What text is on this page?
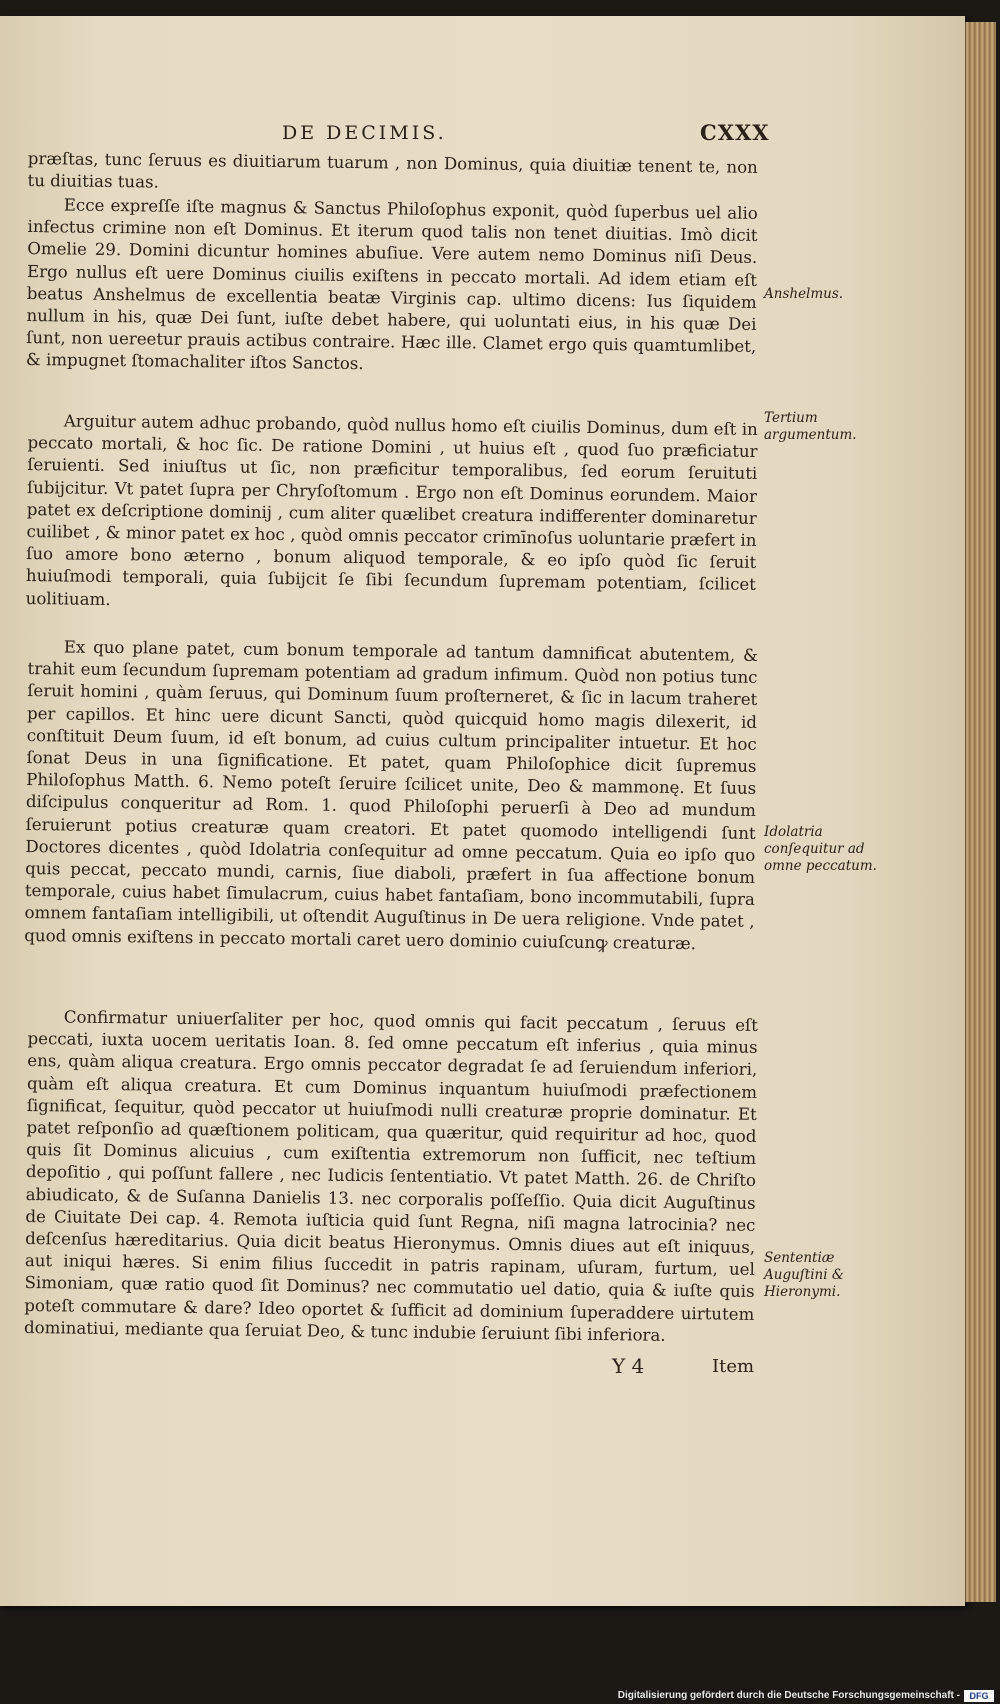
DE DECIMIS.	CXXX

præſtas, tunc ſeruus es diuitiarum tuarum , non Dominus, quia diuitiæ tenent te, non tu diuitias tuas.

Ecce expreſſe iſte magnus & Sanctus Philoſophus exponit, quòd ſuperbus uel alio infectus crimine non eſt Dominus. Et iterum quod talis non tenet diuitias. Imò dicit Omelie 29. Domini dicuntur homines abuſiue. Vere autem nemo Dominus niſi Deus. Ergo nullus eſt uere Dominus ciuilis exiſtens in peccato mortali. Ad idem etiam eſt beatus Anshelmus de excellentia beatæ Virginis cap. ultimo dicens: Ius ſiquidem nullum in his, quæ Dei ſunt, iuſte debet habere, qui uoluntati eius, in his quæ Dei ſunt, non uereetur prauis actibus contraire. Hæc ille. Clamet ergo quis quamtumlibet, & impugnet ſtomachaliter iſtos Sanctos.

Arguitur autem adhuc probando, quòd nullus homo eſt ciuilis Dominus, dum eſt in peccato mortali, & hoc ſic. De ratione Domini , ut huius eſt , quod ſuo præficiatur ſeruienti. Sed iniuſtus ut ſic, non præficitur temporalibus, ſed eorum ſeruituti ſubijcitur. Vt patet ſupra per Chryſoſtomum . Ergo non eſt Dominus eorundem. Maior patet ex deſcriptione dominij , cum aliter quælibet creatura indifferenter dominaretur cuilibet , & minor patet ex hoc , quòd omnis peccator crimīnoſus uoluntarie præfert in ſuo amore bono æterno , bonum aliquod temporale, & eo ipſo quòd ſic ſeruit huiuſmodi temporali, quia ſubijcit ſe ſibi ſecundum ſupremam potentiam, ſcilicet uolitiuam.

Ex quo plane patet, cum bonum temporale ad tantum damnificat abutentem, & trahit eum ſecundum ſupremam potentiam ad gradum infimum. Quòd non potius tunc ſeruit homini , quàm ſeruus, qui Dominum ſuum proſterneret, & ſic in lacum traheret per capillos. Et hinc uere dicunt Sancti, quòd quicquid homo magis dilexerit, id conſtituit Deum ſuum, id eſt bonum, ad cuius cultum principaliter intuetur. Et hoc ſonat Deus in una ſignificatione. Et patet, quam Philoſophice dicit ſupremus Philoſophus Matth. 6. Nemo poteſt ſeruire ſcilicet unite, Deo & mammonę. Et ſuus diſcipulus conqueritur ad Rom. 1. quod Philoſophi peruerſi à Deo ad mundum ſeruierunt potius creaturæ quam creatori. Et patet quomodo intelligendi ſunt Doctores dicentes , quòd Idolatria conſequitur ad omne peccatum. Quia eo ipſo quo quis peccat, peccato mundi, carnis, ſiue diaboli, præfert in ſua affectione bonum temporale, cuius habet ſimulacrum, cuius habet fantaſiam, bono incommutabili, ſupra omnem fantaſiam intelligibili, ut oſtendit Auguſtinus in De uera religione. Vnde patet , quod omnis exiſtens in peccato mortali caret uero dominio cuiuſcunꝙ creaturæ.

Confirmatur uniuerſaliter per hoc, quod omnis qui facit peccatum , ſeruus eſt peccati, iuxta uocem ueritatis Ioan. 8. ſed omne peccatum eſt inferius , quia minus ens, quàm aliqua creatura. Ergo omnis peccator degradat ſe ad ſeruiendum inferiori, quàm eſt aliqua creatura. Et cum Dominus inquantum huiuſmodi præfectionem ſignificat, ſequitur, quòd peccator ut huiuſmodi nulli creaturæ proprie dominatur. Et patet reſponſio ad quæſtionem politicam, qua quæritur, quid requiritur ad hoc, quod quis ſit Dominus alicuius , cum exiſtentia extremorum non ſufficit, nec teſtium depoſitio , qui poſſunt fallere , nec Iudicis ſententiatio. Vt patet Matth. 26. de Chriſto abiudicato, & de Suſanna Danielis 13. nec corporalis poſſeſſio. Quia dicit Auguſtinus de Ciuitate Dei cap. 4. Remota iuſticia quid ſunt Regna, niſi magna latrocinia? nec deſcenſus hæreditarius. Quia dicit beatus Hieronymus. Omnis diues aut eſt iniquus, aut iniqui hæres. Si enim filius ſuccedit in patris rapinam, uſuram, furtum, uel Simoniam, quæ ratio quod ſit Dominus? nec commutatio uel datio, quia & iuſte quis poteſt commutare & dare? Ideo oportet & ſufficit ad dominium ſuperaddere uirtutem dominatiui, mediante qua ſeruiat Deo, & tunc indubie ſeruiunt ſibi inferiora.

Anshelmus.
Tertium argumentum.
Idolatria conſequitur ad omne peccatum.
Sententiæ Auguſtini & Hieronymi.
Y 4	Item
Digitalisierung gefördert durch die Deutsche Forschungsgemeinschaft -	DFG
